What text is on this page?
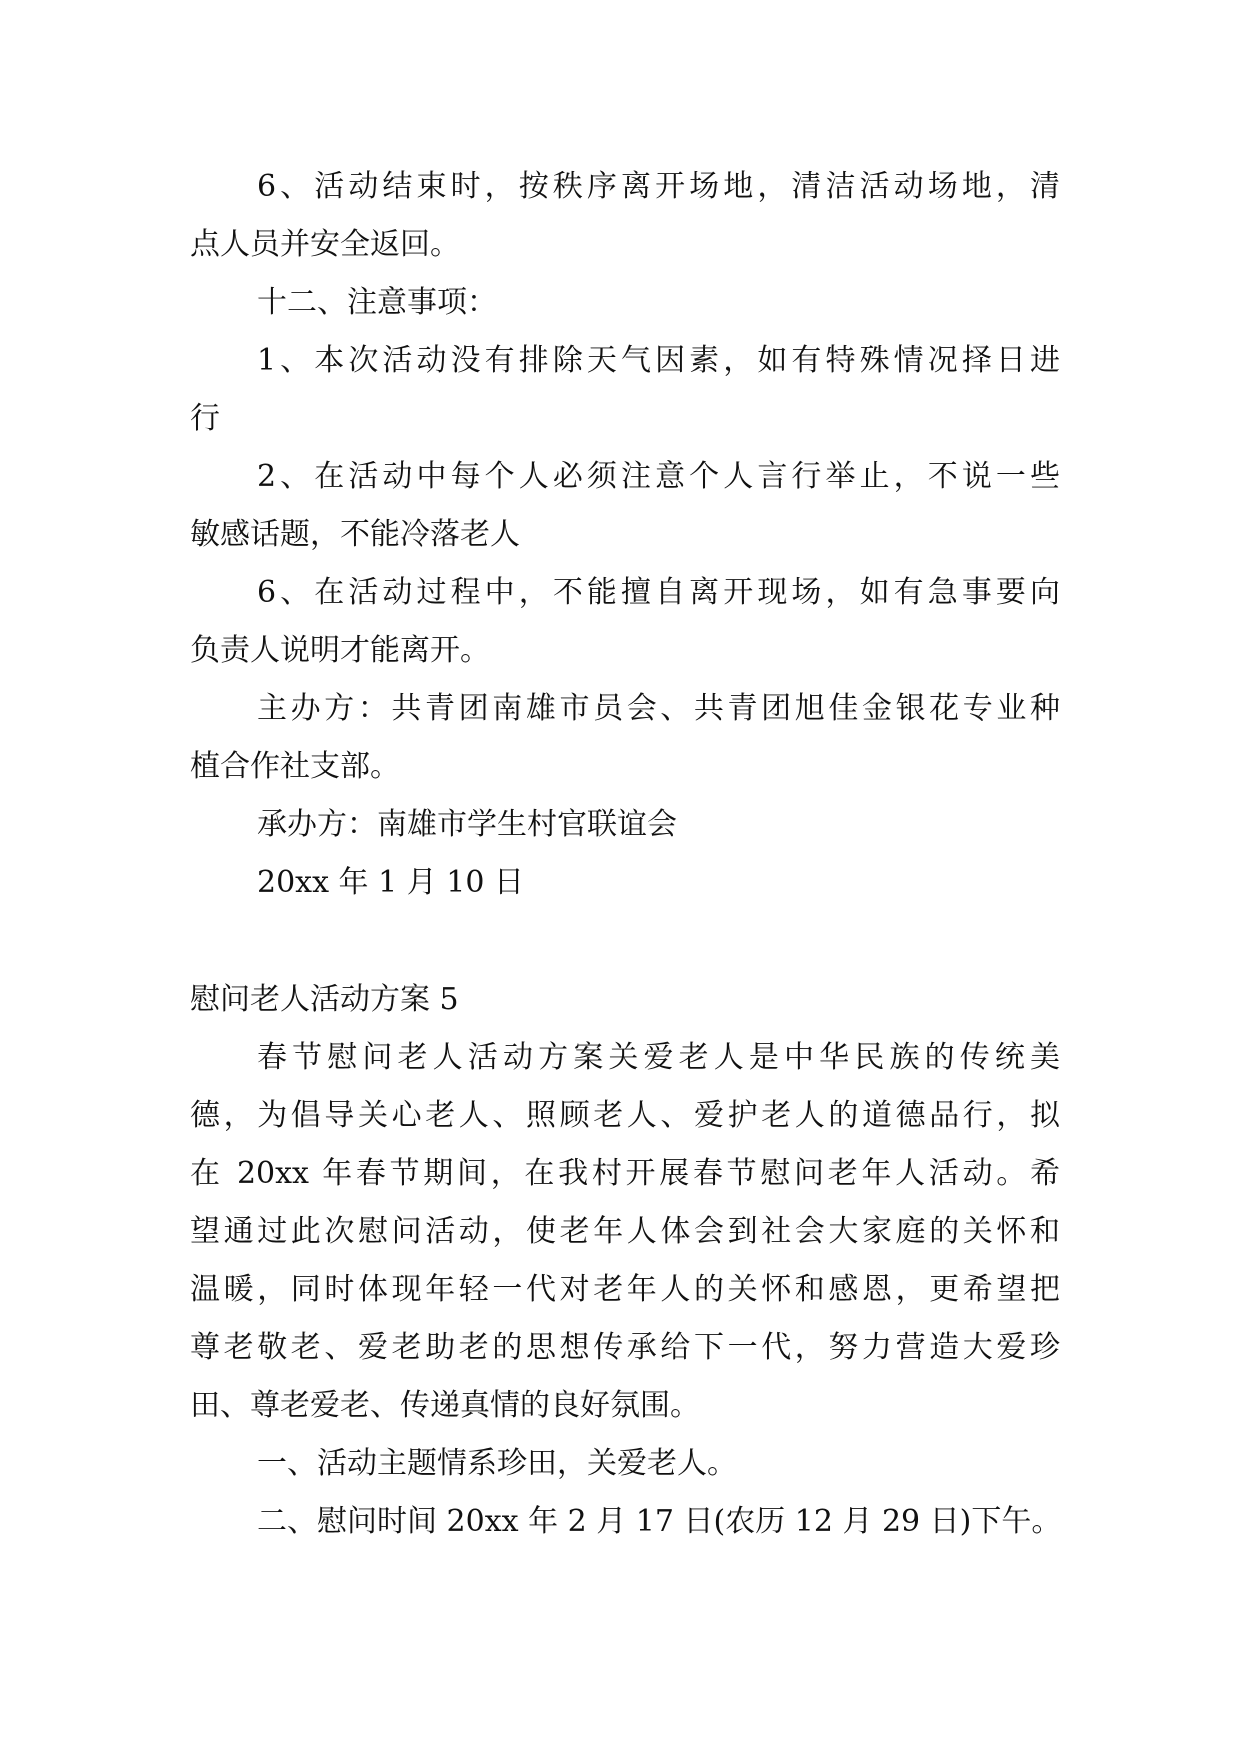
6、活动结束时，按秩序离开场地，清洁活动场地，清
点人员并安全返回。
十二、注意事项：
1、本次活动没有排除天气因素，如有特殊情况择日进
行
2、在活动中每个人必须注意个人言行举止，不说一些
敏感话题，不能冷落老人
6、在活动过程中，不能擅自离开现场，如有急事要向
负责人说明才能离开。
主办方：共青团南雄市员会、共青团旭佳金银花专业种
植合作社支部。
承办方：南雄市学生村官联谊会
20xx 年 1 月 10 日
慰问老人活动方案 5
春节慰问老人活动方案关爱老人是中华民族的传统美
德，为倡导关心老人、照顾老人、爱护老人的道德品行，拟
在 20xx 年春节期间，在我村开展春节慰问老年人活动。希
望通过此次慰问活动，使老年人体会到社会大家庭的关怀和
温暖，同时体现年轻一代对老年人的关怀和感恩，更希望把
尊老敬老、爱老助老的思想传承给下一代，努力营造大爱珍
田、尊老爱老、传递真情的良好氛围。
一、活动主题情系珍田，关爱老人。
二、慰问时间 20xx 年 2 月 17 日(农历 12 月 29 日)下午。
